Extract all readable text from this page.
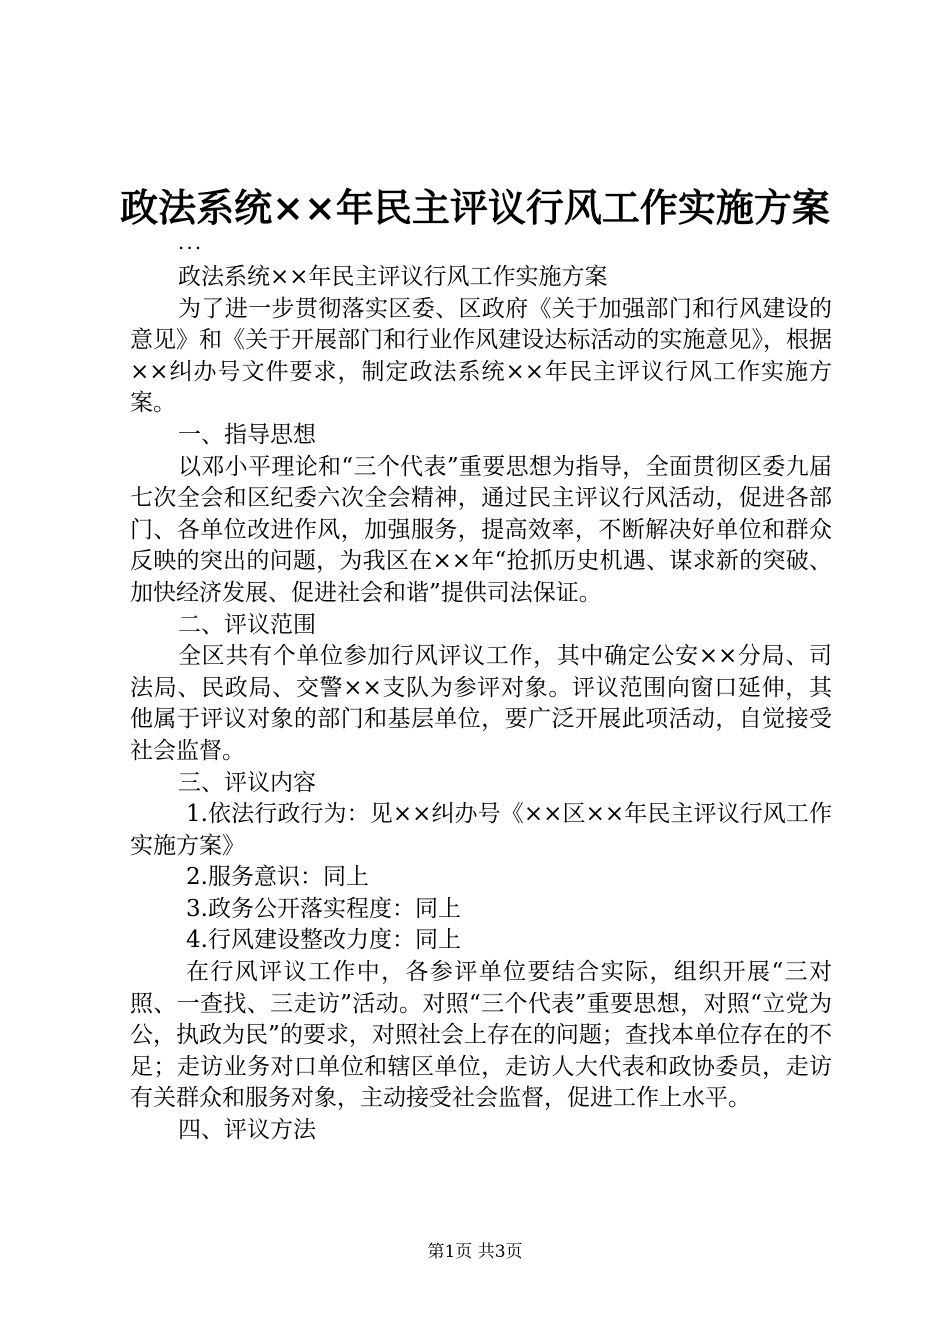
政法系统××年民主评议行风工作实施方案
...

政法系统××年民主评议行风工作实施方案

为了进一步贯彻落实区委、区政府《关于加强部门和行风建设的意见》和《关于开展部门和行业作风建设达标活动的实施意见》，根据××纠办号文件要求，制定政法系统××年民主评议行风工作实施方案。

一、指导思想

以邓小平理论和“三个代表”重要思想为指导，全面贯彻区委九届七次全会和区纪委六次全会精神，通过民主评议行风活动，促进各部门、各单位改进作风，加强服务，提高效率，不断解决好单位和群众反映的突出的问题，为我区在××年“抢抓历史机遇、谋求新的突破、加快经济发展、促进社会和谐”提供司法保证。

二、评议范围

全区共有个单位参加行风评议工作，其中确定公安××分局、司法局、民政局、交警××支队为参评对象。评议范围向窗口延伸，其他属于评议对象的部门和基层单位，要广泛开展此项活动，自觉接受社会监督。

三、评议内容

1.依法行政行为：见××纠办号《××区××年民主评议行风工作实施方案》

2.服务意识：同上

3.政务公开落实程度：同上

4.行风建设整改力度：同上

在行风评议工作中，各参评单位要结合实际，组织开展“三对照、一查找、三走访”活动。对照“三个代表”重要思想，对照“立党为公，执政为民”的要求，对照社会上存在的问题；查找本单位存在的不足；走访业务对口单位和辖区单位，走访人大代表和政协委员，走访有关群众和服务对象，主动接受社会监督，促进工作上水平。

四、评议方法

第1页 共3页
